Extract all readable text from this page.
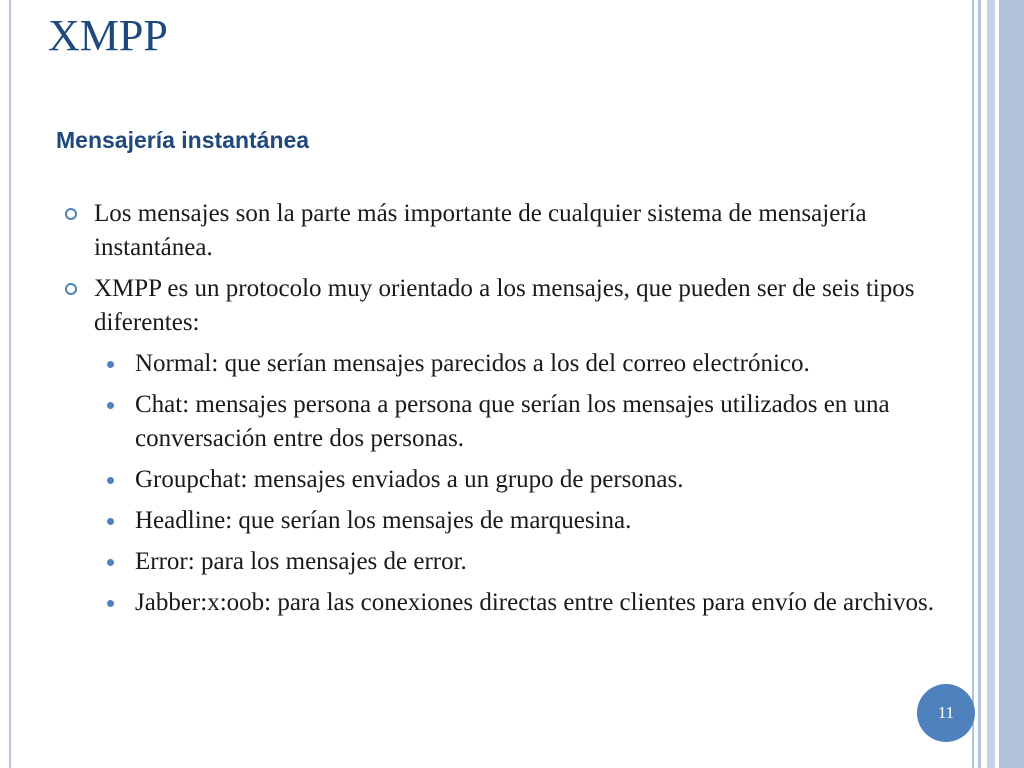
XMPP
Mensajería instantánea
Los mensajes son la parte más importante de cualquier sistema de mensajería instantánea.
XMPP es un protocolo muy orientado a los mensajes, que pueden ser de seis tipos diferentes:
Normal: que serían mensajes parecidos a los del correo electrónico.
Chat: mensajes persona a persona que serían los mensajes utilizados en una conversación entre dos personas.
Groupchat: mensajes enviados a un grupo de personas.
Headline: que serían los mensajes de marquesina.
Error: para los mensajes de error.
Jabber:x:oob: para las conexiones directas entre clientes para envío de archivos.
11
